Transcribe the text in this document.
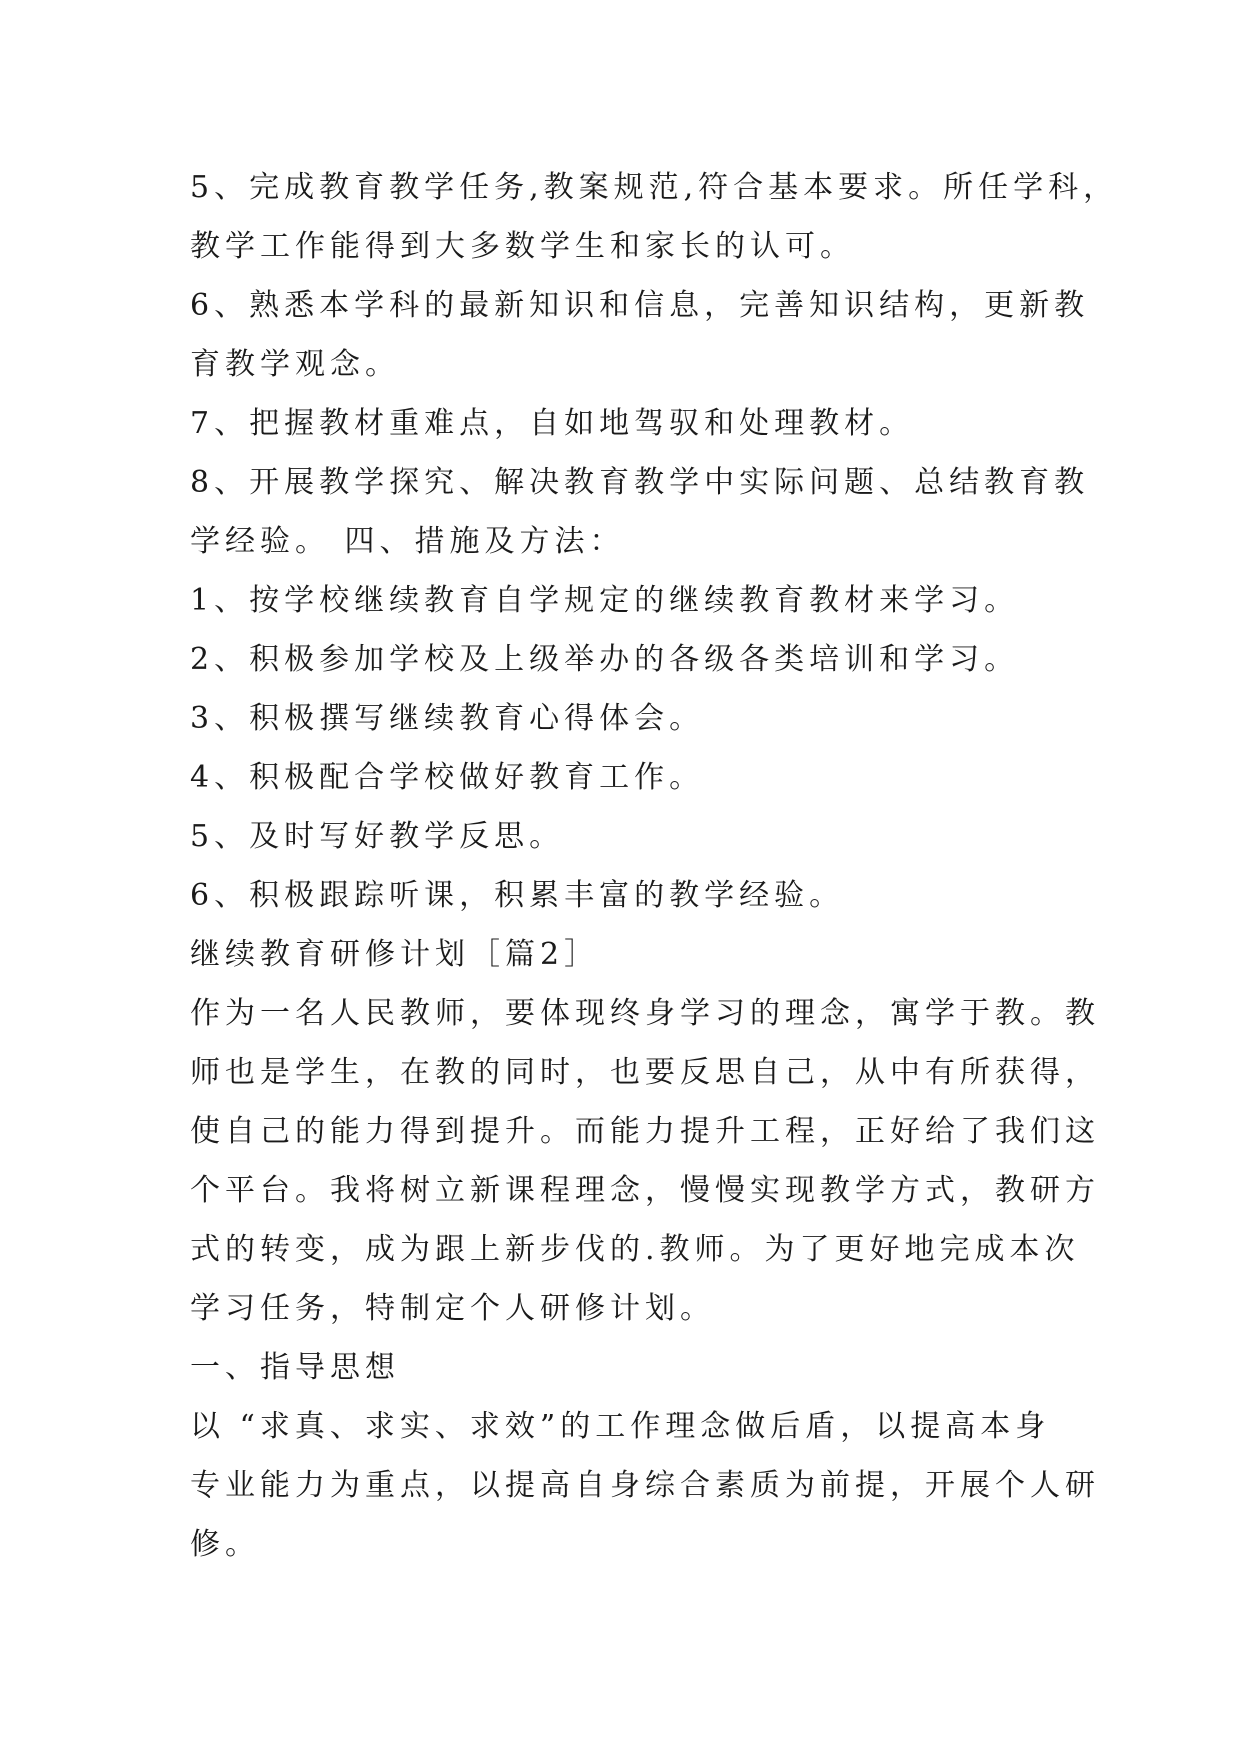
5、完成教育教学任务,教案规范,符合基本要求。所任学科，
教学工作能得到大多数学生和家长的认可。
6、熟悉本学科的最新知识和信息，完善知识结构，更新教
育教学观念。
7、把握教材重难点，自如地驾驭和处理教材。
8、开展教学探究、解决教育教学中实际问题、总结教育教
学经验。 四、措施及方法：
1、按学校继续教育自学规定的继续教育教材来学习。
2、积极参加学校及上级举办的各级各类培训和学习。
3、积极撰写继续教育心得体会。
4、积极配合学校做好教育工作。
5、及时写好教学反思。
6、积极跟踪听课，积累丰富的教学经验。
继续教育研修计划［篇2］
作为一名人民教师，要体现终身学习的理念，寓学于教。教
师也是学生，在教的同时，也要反思自己，从中有所获得，
使自己的能力得到提升。而能力提升工程，正好给了我们这
个平台。我将树立新课程理念，慢慢实现教学方式，教研方
式的转变，成为跟上新步伐的.教师。为了更好地完成本次
学习任务，特制定个人研修计划。
一、指导思想
以 “求真、求实、求效”的工作理念做后盾，以提高本身
专业能力为重点，以提高自身综合素质为前提，开展个人研
修。
